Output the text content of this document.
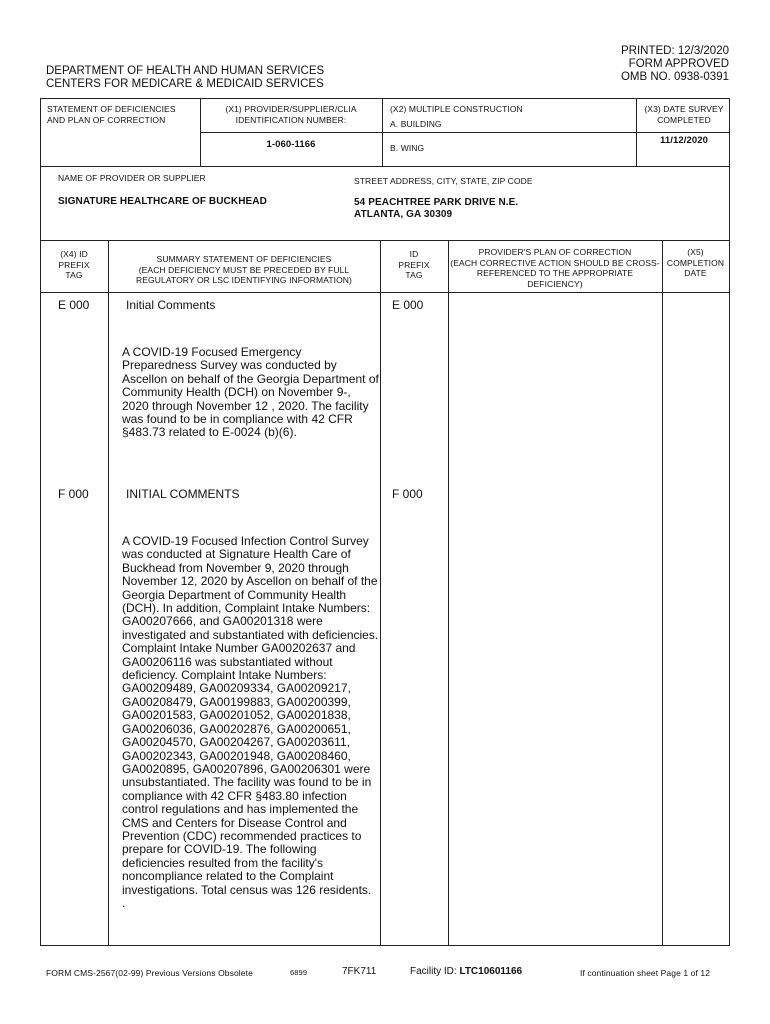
PRINTED: 12/3/2020
FORM APPROVED
OMB NO. 0938-0391
DEPARTMENT OF HEALTH AND HUMAN SERVICES
CENTERS FOR MEDICARE & MEDICAID SERVICES
STATEMENT OF DEFICIENCIES
AND PLAN OF CORRECTION
(X1) PROVIDER/SUPPLIER/CLIA
IDENTIFICATION NUMBER:
1-060-1166
(X2) MULTIPLE CONSTRUCTION
A. BUILDING
B. WING
(X3) DATE SURVEY
COMPLETED
11/12/2020
NAME OF PROVIDER OR SUPPLIER
SIGNATURE HEALTHCARE OF BUCKHEAD
STREET ADDRESS, CITY, STATE, ZIP CODE
54 PEACHTREE PARK DRIVE N.E.
ATLANTA, GA 30309
(X4) ID
PREFIX
TAG
SUMMARY STATEMENT OF DEFICIENCIES
(EACH DEFICIENCY MUST BE PRECEDED BY FULL
REGULATORY OR LSC IDENTIFYING INFORMATION)
ID
PREFIX
TAG
PROVIDER'S PLAN OF CORRECTION
(EACH CORRECTIVE ACTION SHOULD BE CROSS-
REFERENCED TO THE APPROPRIATE DEFICIENCY)
(X5)
COMPLETION
DATE
E 000	Initial Comments	E 000
A COVID-19 Focused Emergency
Preparedness Survey was conducted by
Ascellon on behalf of the Georgia Department of
Community Health (DCH) on November 9-,
2020 through November 12 , 2020. The facility
was found to be in compliance with 42 CFR
§483.73 related to E-0024 (b)(6).
F 000	INITIAL COMMENTS	F 000
A COVID-19 Focused Infection Control Survey
was conducted at Signature Health Care of
Buckhead from November 9, 2020 through
November 12, 2020 by Ascellon on behalf of the
Georgia Department of Community Health
(DCH). In addition, Complaint Intake Numbers:
GA00207666, and GA00201318 were
investigated and substantiated with deficiencies.
Complaint Intake Number GA00202637 and
GA00206116 was substantiated without
deficiency. Complaint Intake Numbers:
GA00209489, GA00209334, GA00209217,
GA00208479, GA00199883, GA00200399,
GA00201583, GA00201052, GA00201838,
GA00206036, GA00202876, GA00200651,
GA00204570, GA00204267, GA00203611,
GA00202343, GA00201948, GA00208460,
GA0020895, GA00207896, GA00206301 were
unsubstantiated. The facility was found to be in
compliance with 42 CFR §483.80 infection
control regulations and has implemented the
CMS and Centers for Disease Control and
Prevention (CDC) recommended practices to
prepare for COVID-19. The following
deficiencies resulted from the facility's
noncompliance related to the Complaint
investigations. Total census was 126 residents.
.
FORM CMS-2567(02-99) Previous Versions Obsolete	6899	7FK711	Facility ID: LTC10601166	If continuation sheet Page 1 of 12
